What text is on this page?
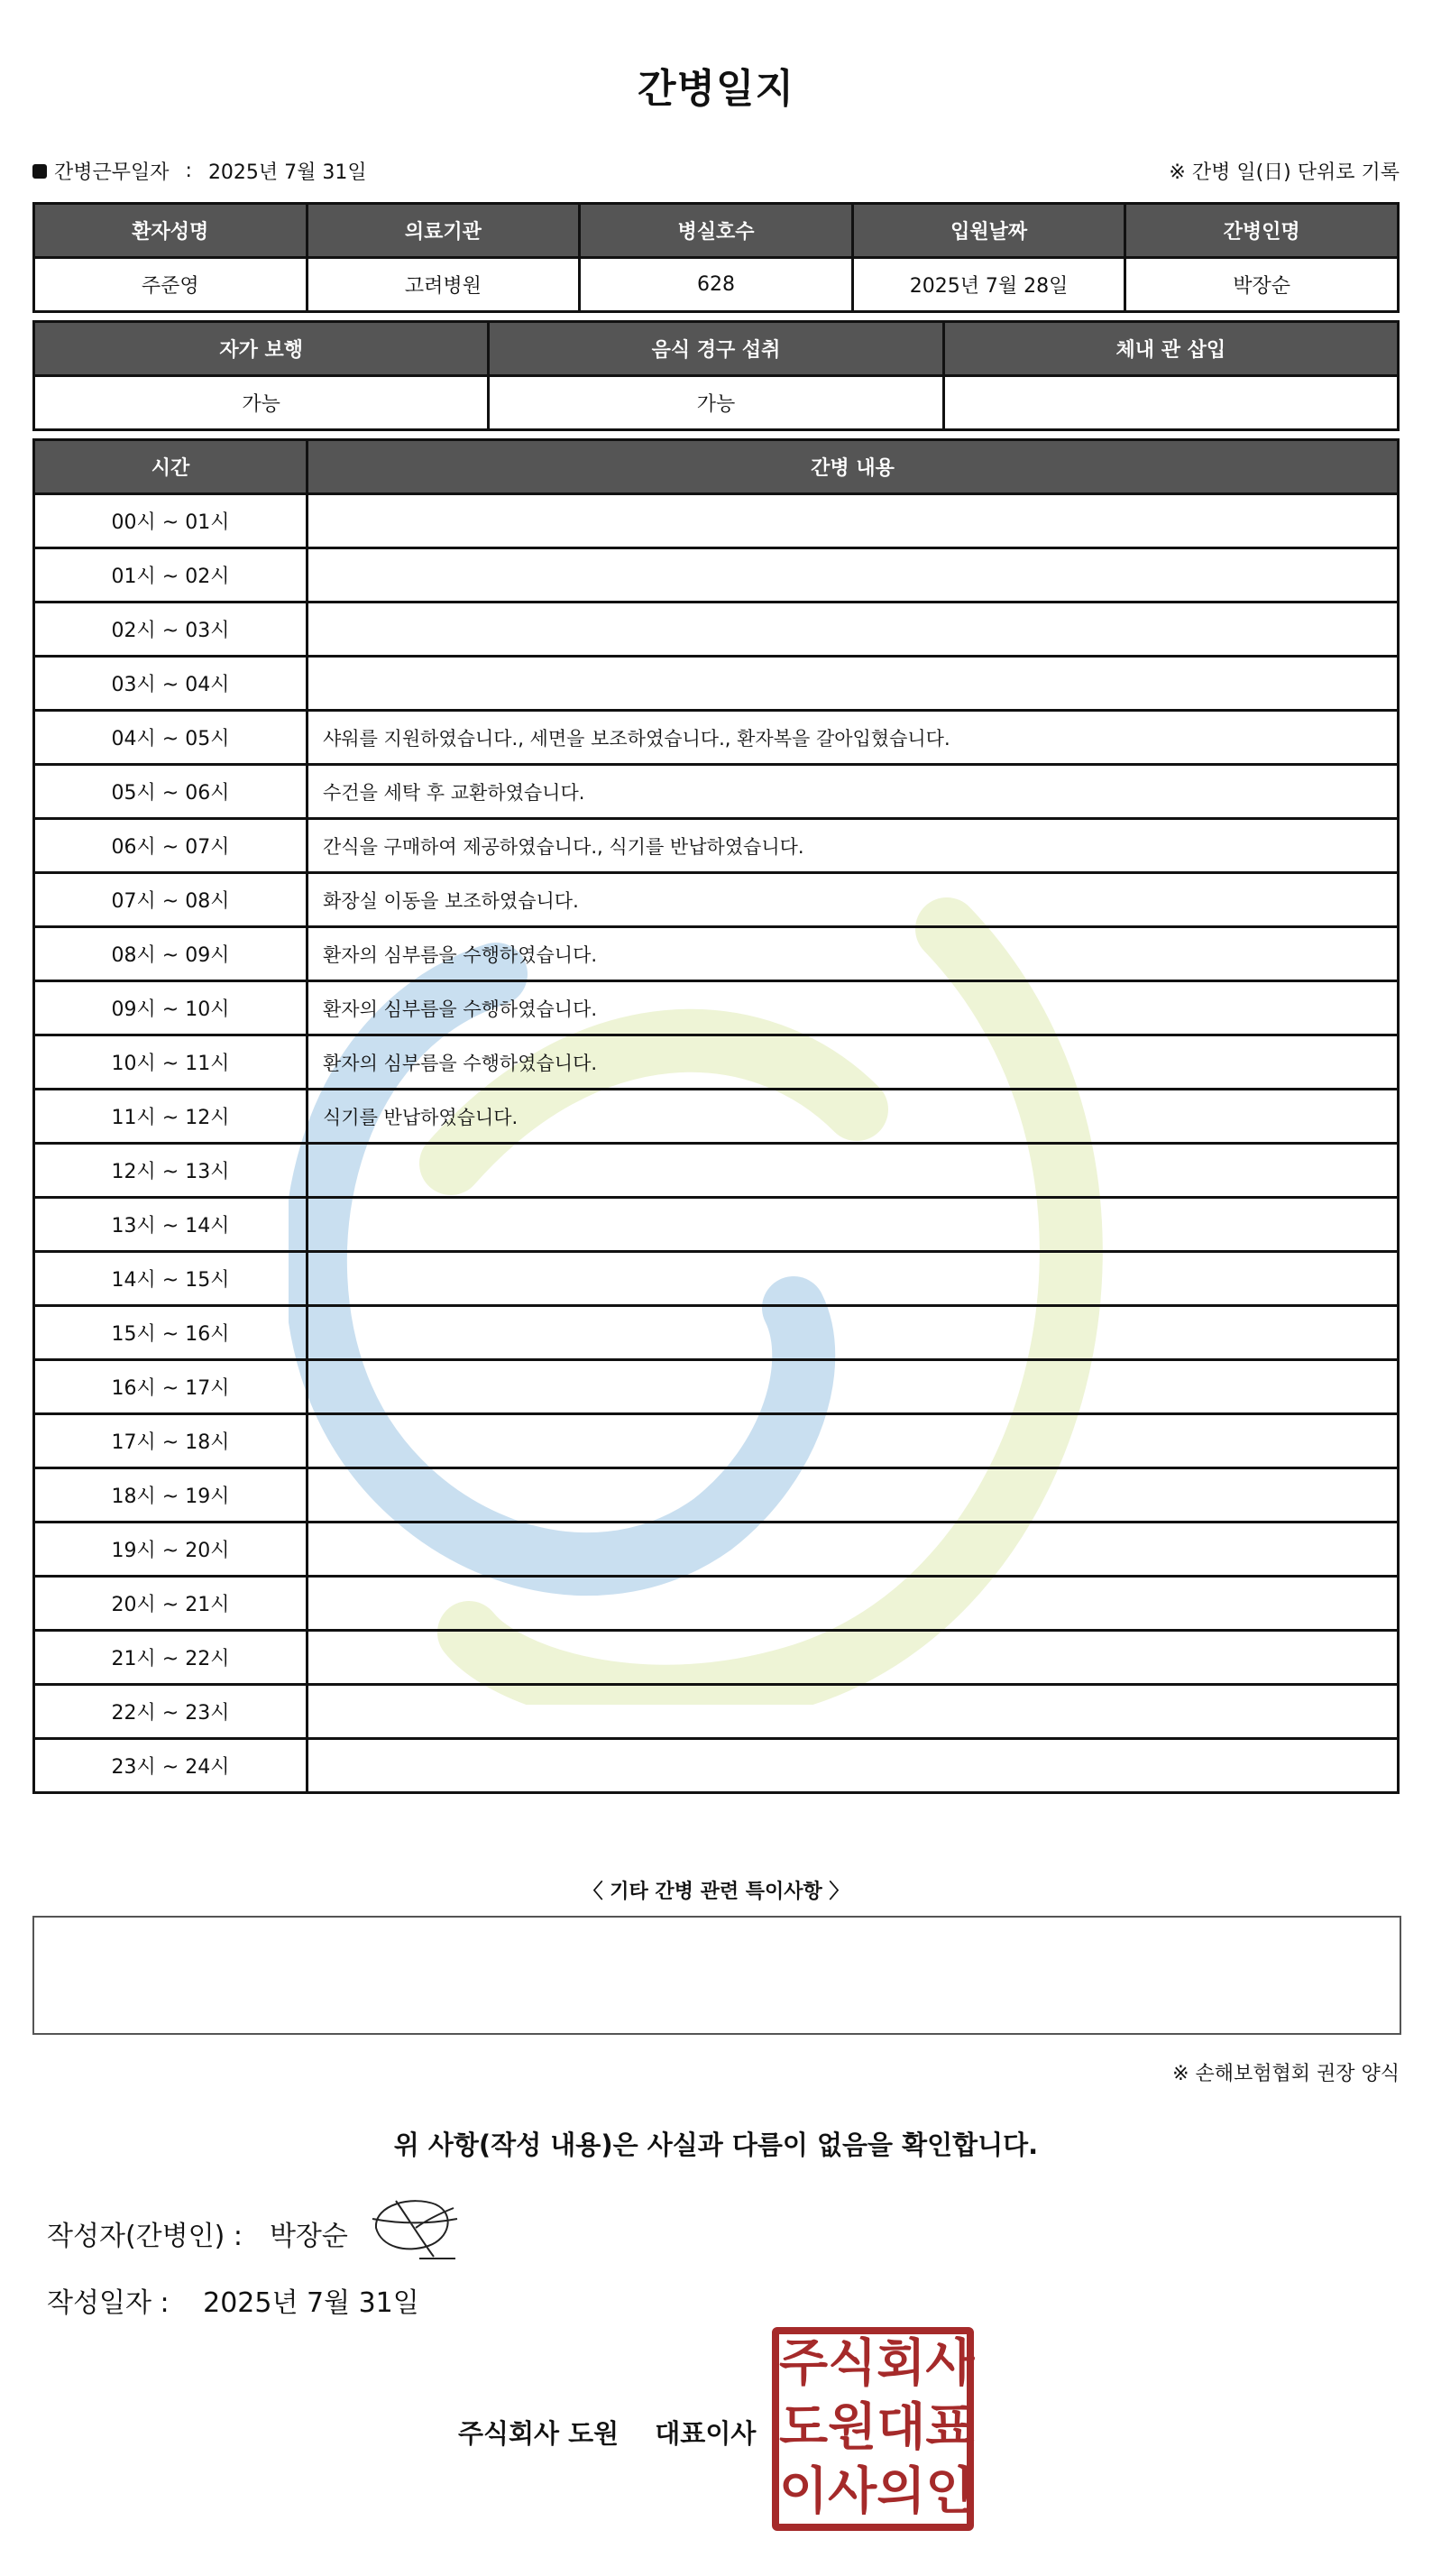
간병일지
간병근무일자 : 2025년 7월 31일	※ 간병 일(日) 단위로 기록
환자성명	의료기관	병실호수	입원날짜	간병인명
주준영	고려병원	628	2025년 7월 28일	박장순
자가 보행	음식 경구 섭취	체내 관 삽입
가능	가능	
시간	간병 내용
00시 ~ 01시	
01시 ~ 02시	
02시 ~ 03시	
03시 ~ 04시	
04시 ~ 05시	샤워를 지원하였습니다., 세면을 보조하였습니다., 환자복을 갈아입혔습니다.
05시 ~ 06시	수건을 세탁 후 교환하였습니다.
06시 ~ 07시	간식을 구매하여 제공하였습니다., 식기를 반납하였습니다.
07시 ~ 08시	화장실 이동을 보조하였습니다.
08시 ~ 09시	환자의 심부름을 수행하였습니다.
09시 ~ 10시	환자의 심부름을 수행하였습니다.
10시 ~ 11시	환자의 심부름을 수행하였습니다.
11시 ~ 12시	식기를 반납하였습니다.
12시 ~ 13시	
13시 ~ 14시	
14시 ~ 15시	
15시 ~ 16시	
16시 ~ 17시	
17시 ~ 18시	
18시 ~ 19시	
19시 ~ 20시	
20시 ~ 21시	
21시 ~ 22시	
22시 ~ 23시	
23시 ~ 24시	
〈 기타 간병 관련 특이사항 〉
※ 손해보험협회 권장 양식
위 사항(작성 내용)은 사실과 다름이 없음을 확인합니다.
작성자(간병인) : 박장순
작성일자 : 2025년 7월 31일
주식회사 도원 대표이사
주 식 회 사
도 원 대 표
이 사 의 인
